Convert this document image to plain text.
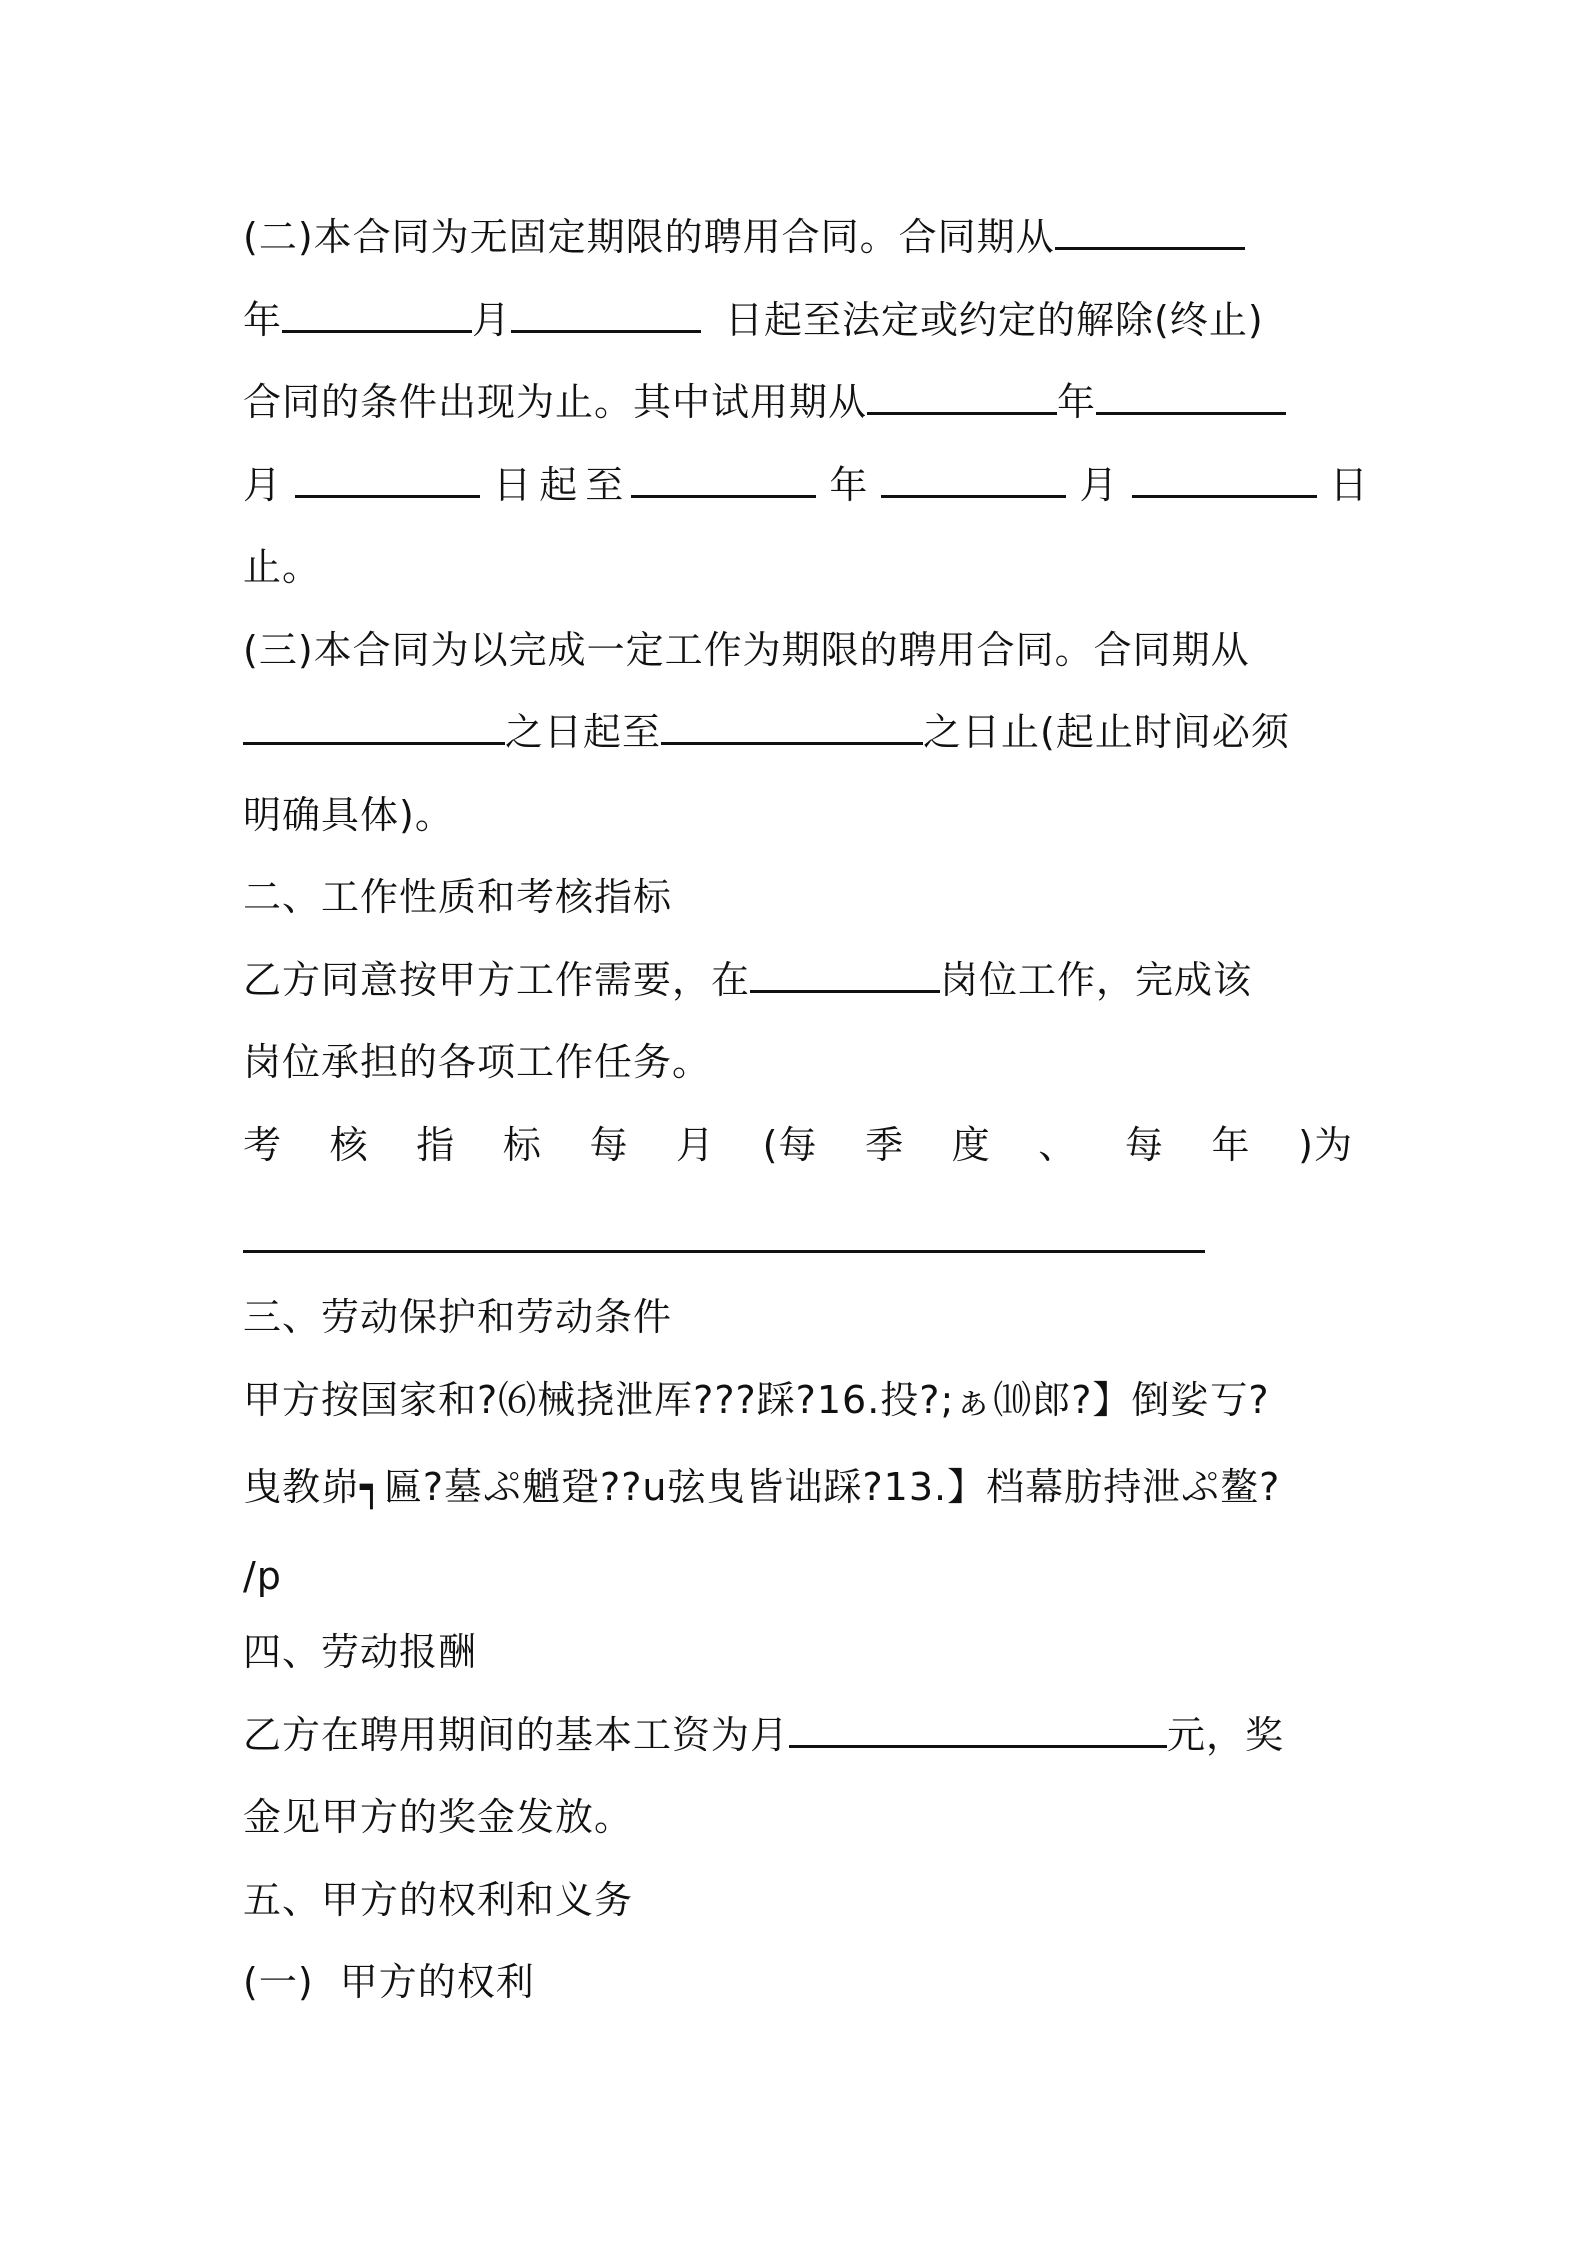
(二)本合同为无固定期限的聘用合同。合同期从
年	月	日起至法定或约定的解除(终止)
合同的条件出现为止。其中试用期从	年
月	日起至	年	月	日
止。
(三)本合同为以完成一定工作为期限的聘用合同。合同期从
之日起至	之日止(起止时间必须
明确具体)。
二、工作性质和考核指标
乙方同意按甲方工作需要，在	岗位工作，完成该
岗位承担的各项工作任务。
考 核 指 标 每 月 (每 季 度 、 每 年 )为
三、劳动保护和劳动条件
甲方按国家和?⑹械挠泄厍???踩?16.投?;ぁ⑽郎?】倒娑丂?
曳教峁┑匾?墓ぷ魈跫??u弦曳皆诎踩?13.】档幕肪持泄ぷ鳌?
/p
四、劳动报酬
乙方在聘用期间的基本工资为月	元，奖
金见甲方的奖金发放。
五、甲方的权利和义务
(一)  甲方的权利
